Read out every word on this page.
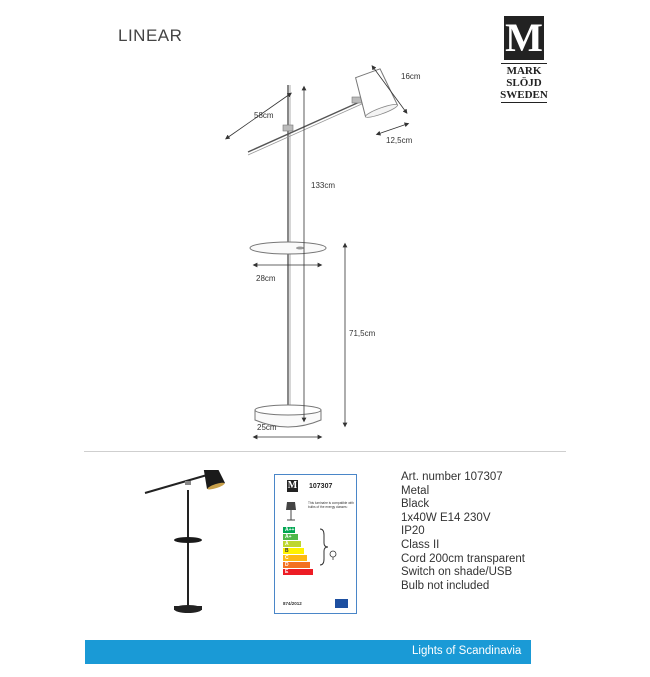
LINEAR	M
MARK
SLÖJD
SWEDEN
16cm
58cm
12,5cm
133cm
28cm
71,5cm
25cm
M 107307
This luminaire is compatible with bulbs of the energy classes:
A++
A+
A
B
C
D
E
874/2012
Art. number 107307
Metal
Black
1x40W E14 230V
IP20
Class II
Cord 200cm transparent
Switch on shade/USB
Bulb not included
Lights of Scandinavia
